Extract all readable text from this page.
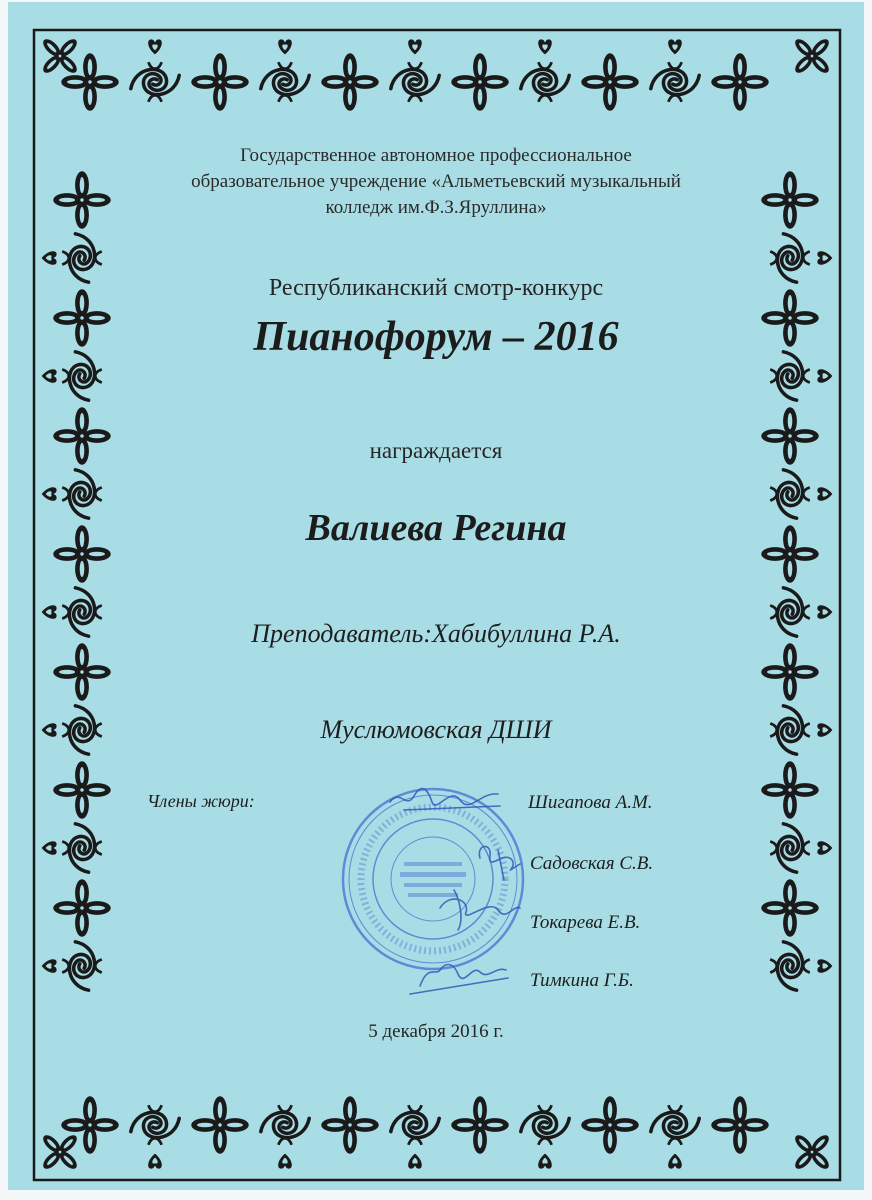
Государственное автономное профессиональное
образовательное учреждение «Альметьевский музыкальный
колледж им.Ф.З.Яруллина»
Республиканский смотр-конкурс
Пианофорум – 2016
награждается
Валиева Регина
Преподаватель:Хабибуллина Р.А.
Муслюмовская ДШИ
Члены жюри:	Шигапова А.М.
Садовская С.В.
Токарева Е.В.
Тимкина Г.Б.
5 декабря 2016 г.
